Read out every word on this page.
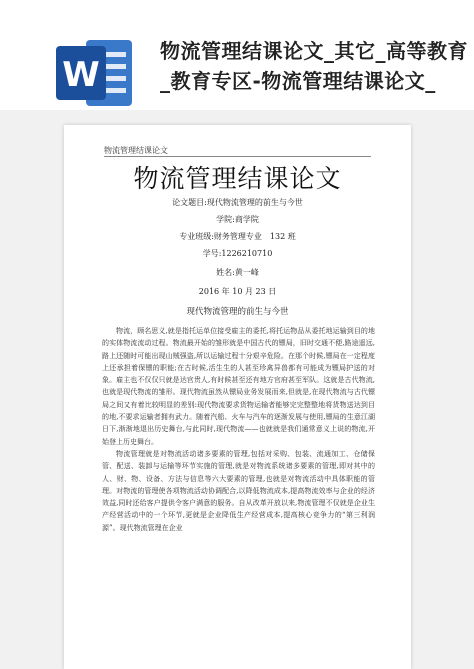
W
物流管理结课论文_其它_高等教育_教育专区-物流管理结课论文_
物流管理结课论文
物流管理结课论文
论文题目:现代物流管理的前生与今世
学院:商学院
专业班级:财务管理专业　132 班
学号:1226210710
姓名:黄一峰
2016 年 10 月 23 日
现代物流管理的前生与今世

物流，顾名思义,就是指托运单位接受雇主的委托,将托运物品从委托地运输到目的地的实体物流流动过程。物流最开始的雏形就是中国古代的镖局，旧时交通不便,路途遥远,路上还随时可能出现山贼强盗,所以运输过程十分艰辛危险。在那个时候,镖局在一定程度上还承担着保镖的职能;在古时候,活生生的人甚至珍禽异兽都有可能成为镖局护送的对象。雇主也不仅仅只就是达官贵人,有时候甚至还有地方官府甚至军队。这就是古代物流,也就是现代物流的雏形。现代物流虽然从镖局业务发展而来,但就是,在现代物流与古代镖局之间又有着比较明显的差别:现代物流要求货物运输者能够完完整整地将货物送达到目的地,不要求运输者拥有武力。随着汽船、火车与汽车的逐渐发展与使用,镖局的生意江湖日下,渐渐地退出历史舞台,与此同时,现代物流——也就就是我们通常意义上说的物流,开始登上历史舞台。

物流管理就是对物流活动诸多要素的管理,包括对采购、包装、流通加工、仓储保管、配送、装卸与运输等环节实施的管理,就是对物流系统诸多要素的管理,即对其中的人、财、物、设备、方法与信息等六大要素的管理,也就是对物流活动中具体职能的管理。对物流的管理使各项物流活动协调配合,以降低物流成本,提高物流效率与企业的经济效益,同时还给客户提供令客户满意的服务。自从改革开放以来,物流管理不仅就是企业生产经营活动中的一个环节,更就是企业降低生产经营成本,提高核心竞争力的“第三利润源”。现代物流管理在企业
